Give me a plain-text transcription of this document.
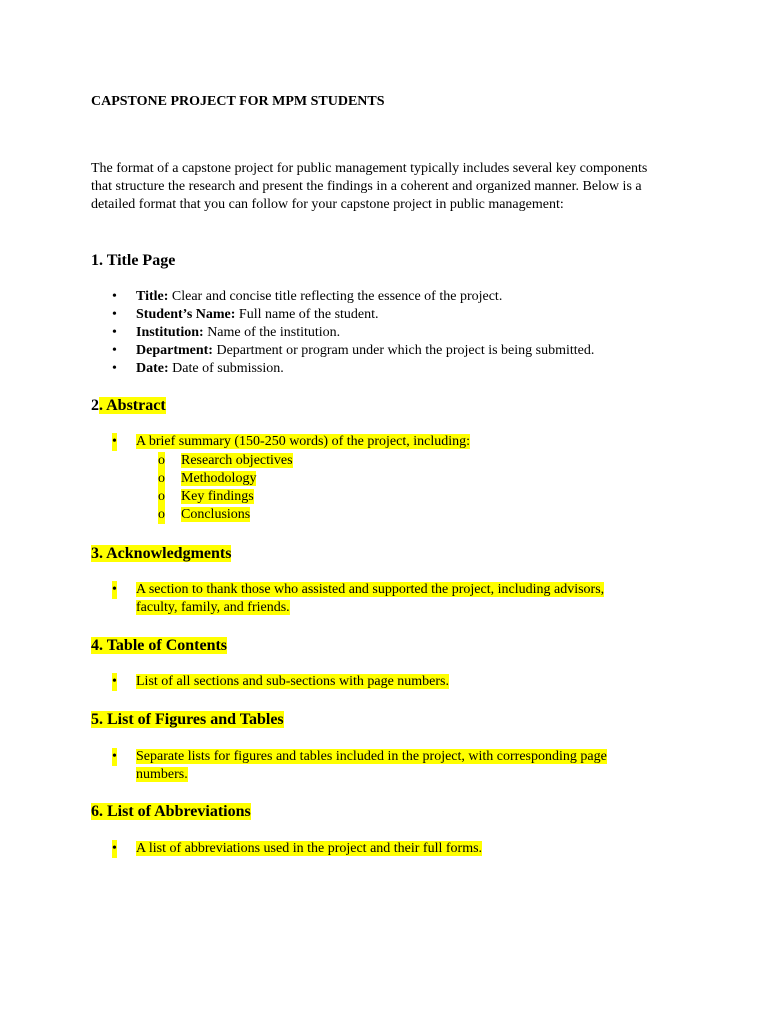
CAPSTONE PROJECT FOR MPM STUDENTS
The format of a capstone project for public management typically includes several key components that structure the research and present the findings in a coherent and organized manner. Below is a detailed format that you can follow for your capstone project in public management:
1. Title Page
• Title: Clear and concise title reflecting the essence of the project.
• Student’s Name: Full name of the student.
• Institution: Name of the institution.
• Department: Department or program under which the project is being submitted.
• Date: Date of submission.
2. Abstract
• A brief summary (150-250 words) of the project, including:
o Research objectives
o Methodology
o Key findings
o Conclusions
3. Acknowledgments
• A section to thank those who assisted and supported the project, including advisors,
faculty, family, and friends.
4. Table of Contents
• List of all sections and sub-sections with page numbers.
5. List of Figures and Tables
• Separate lists for figures and tables included in the project, with corresponding page
numbers.
6. List of Abbreviations
• A list of abbreviations used in the project and their full forms.
